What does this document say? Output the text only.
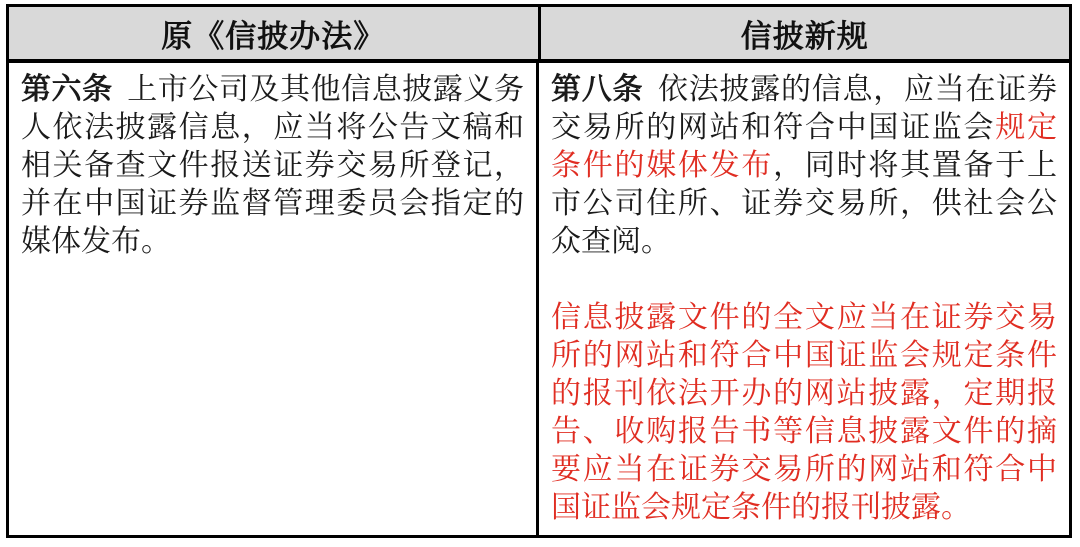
原《信披办法》	信披新规
第六条 上市公司及其他信息披露义务人依法披露信息，应当将公告文稿和相关备查文件报送证券交易所登记，并在中国证券监督管理委员会指定的媒体发布。
第八条 依法披露的信息，应当在证券交易所的网站和符合中国证监会规定条件的媒体发布，同时将其置备于上市公司住所、证券交易所，供社会公众查阅。
信息披露文件的全文应当在证券交易所的网站和符合中国证监会规定条件的报刊依法开办的网站披露，定期报告、收购报告书等信息披露文件的摘要应当在证券交易所的网站和符合中国证监会规定条件的报刊披露。
